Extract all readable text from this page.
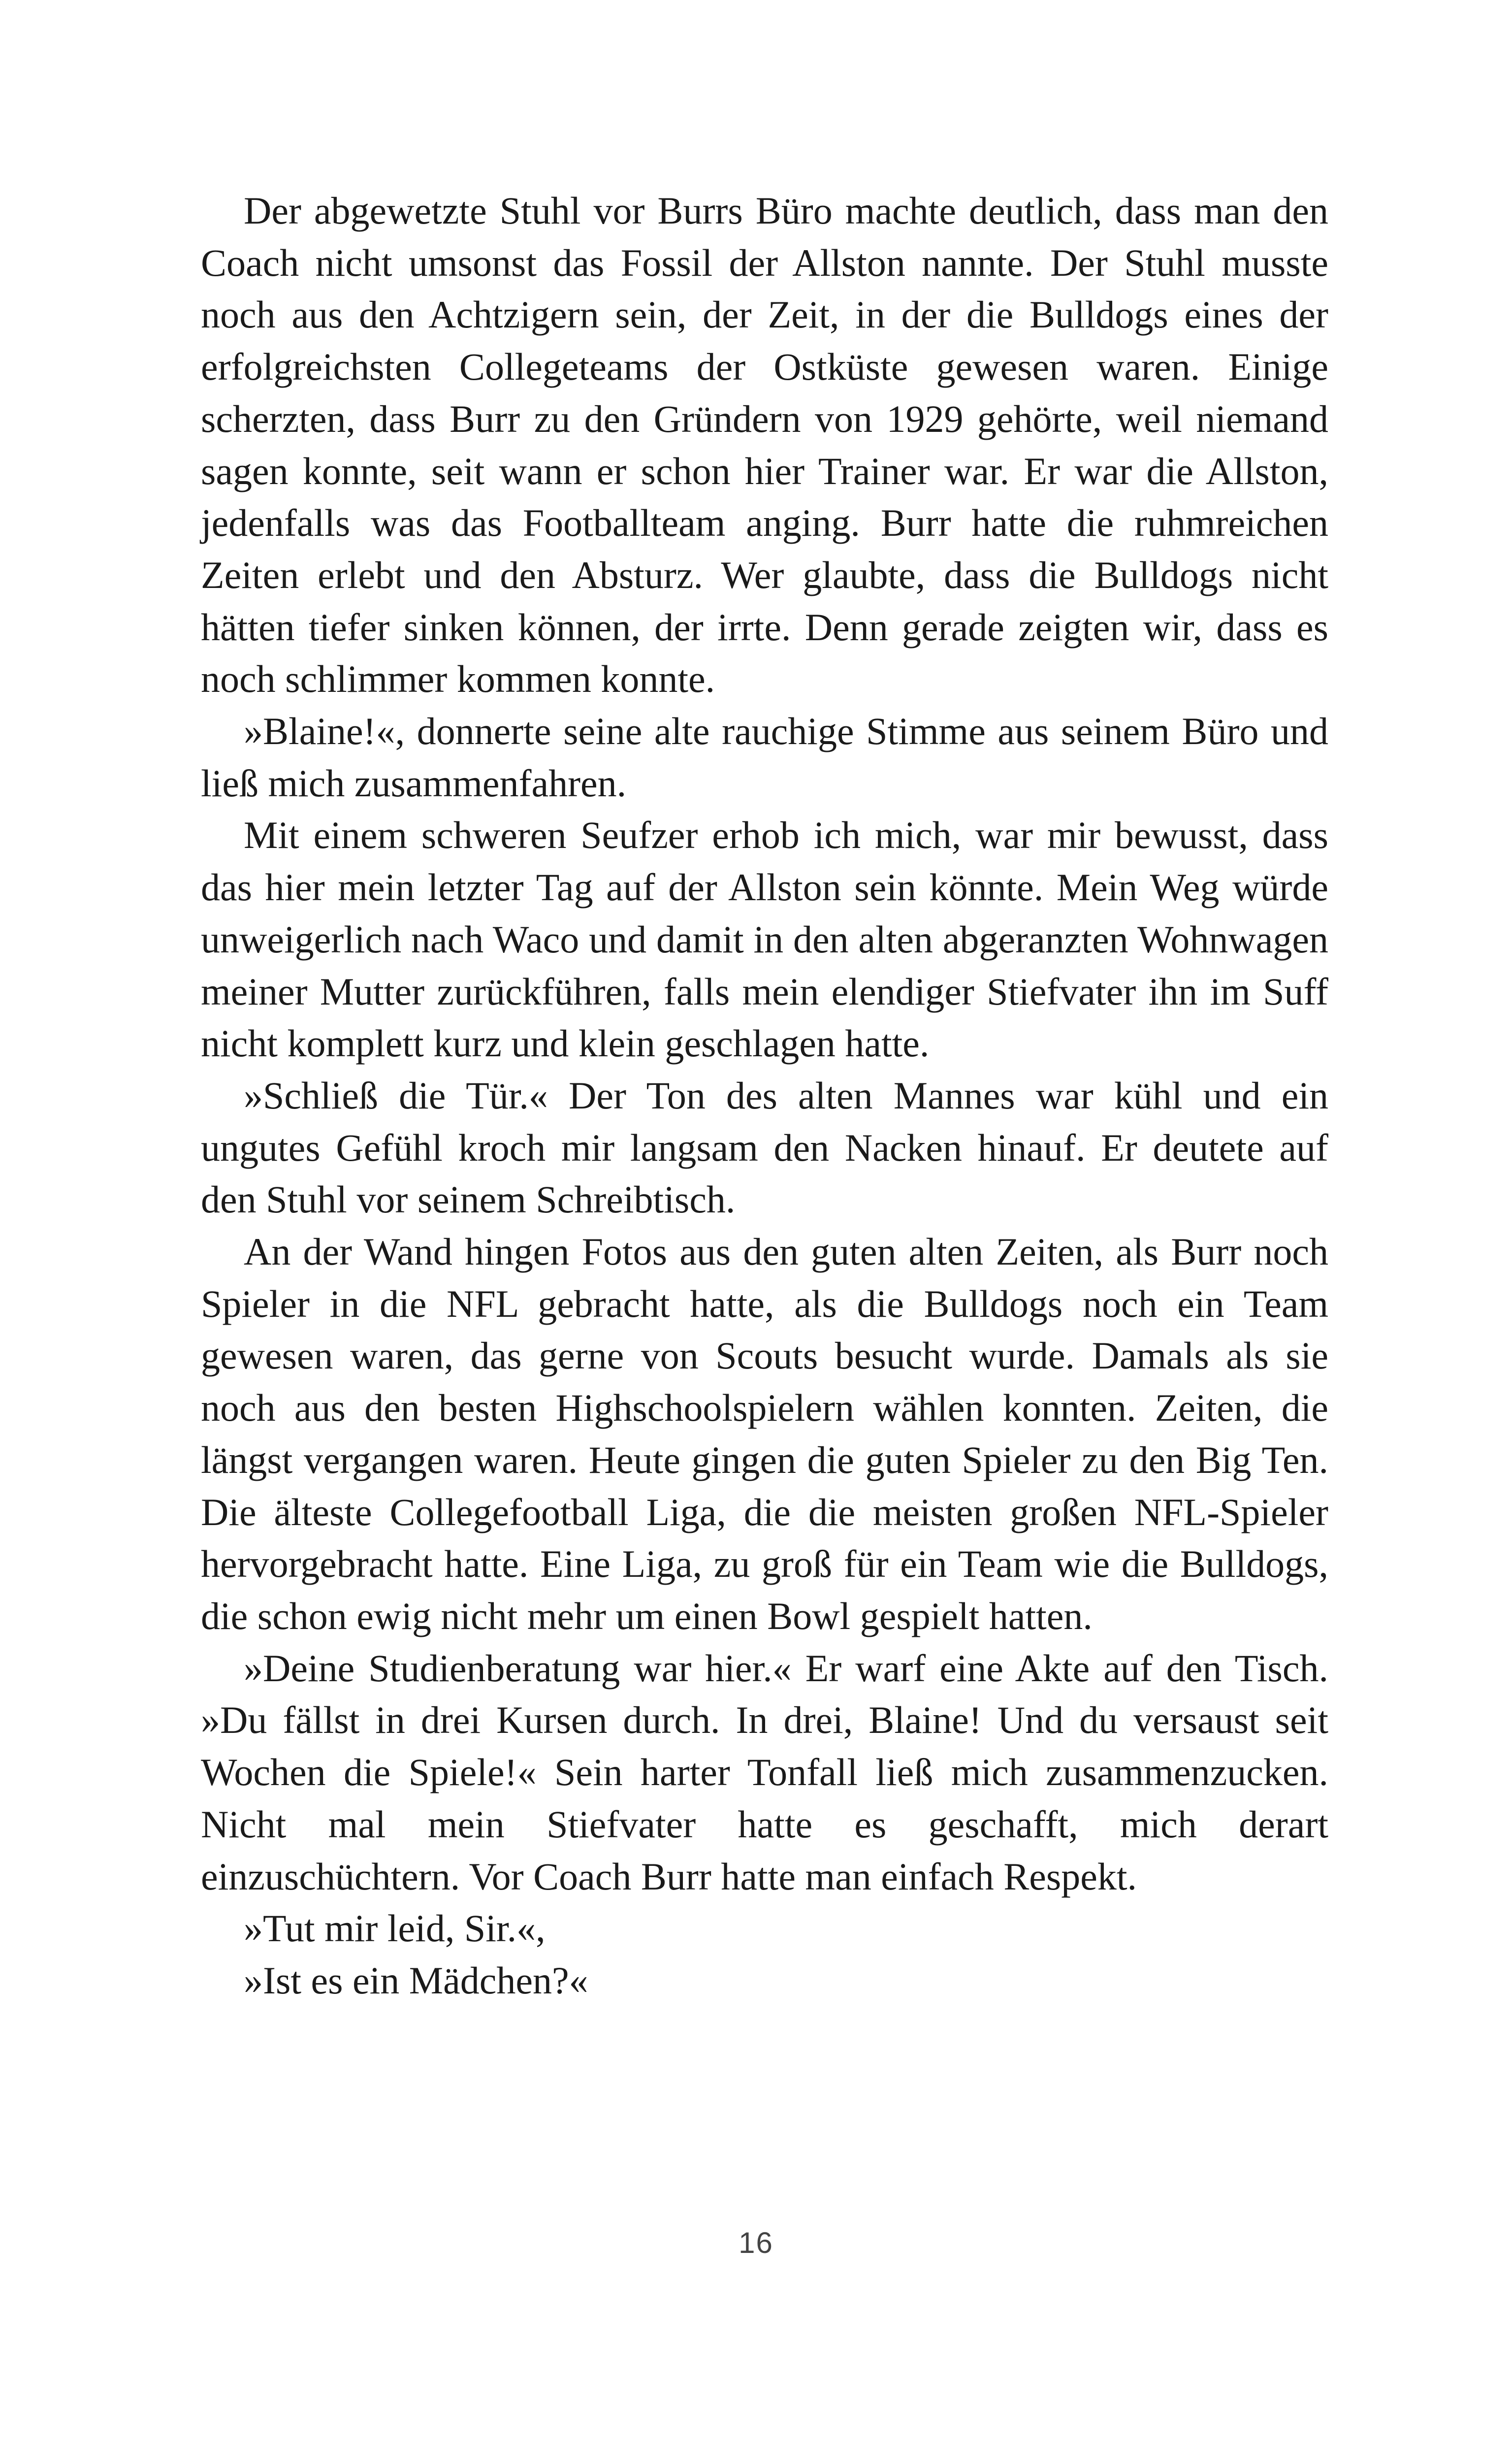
Der abgewetzte Stuhl vor Burrs Büro machte deutlich, dass man den Coach nicht umsonst das Fossil der Allston nannte. Der Stuhl musste noch aus den Achtzigern sein, der Zeit, in der die Bulldogs eines der erfolgreichsten Collegeteams der Ostküste gewesen waren. Einige scherzten, dass Burr zu den Gründern von 1929 gehörte, weil niemand sagen konnte, seit wann er schon hier Trainer war. Er war die Allston, jedenfalls was das Footballteam anging. Burr hatte die ruhmreichen Zeiten erlebt und den Absturz. Wer glaubte, dass die Bulldogs nicht hätten tiefer sinken können, der irrte. Denn gerade zeigten wir, dass es noch schlimmer kommen konnte.

»Blaine!«, donnerte seine alte rauchige Stimme aus seinem Büro und ließ mich zusammenfahren.

Mit einem schweren Seufzer erhob ich mich, war mir bewusst, dass das hier mein letzter Tag auf der Allston sein könnte. Mein Weg würde unweigerlich nach Waco und damit in den alten abgeranzten Wohnwagen meiner Mutter zurückführen, falls mein elendiger Stiefvater ihn im Suff nicht komplett kurz und klein geschlagen hatte.

»Schließ die Tür.« Der Ton des alten Mannes war kühl und ein ungutes Gefühl kroch mir langsam den Nacken hinauf. Er deutete auf den Stuhl vor seinem Schreibtisch.

An der Wand hingen Fotos aus den guten alten Zeiten, als Burr noch Spieler in die NFL gebracht hatte, als die Bulldogs noch ein Team gewesen waren, das gerne von Scouts besucht wurde. Damals als sie noch aus den besten Highschoolspielern wählen konnten. Zeiten, die längst vergangen waren. Heute gingen die guten Spieler zu den Big Ten. Die älteste Collegefootball Liga, die die meisten großen NFL-Spieler hervorgebracht hatte. Eine Liga, zu groß für ein Team wie die Bulldogs, die schon ewig nicht mehr um einen Bowl gespielt hatten.

»Deine Studienberatung war hier.« Er warf eine Akte auf den Tisch. »Du fällst in drei Kursen durch. In drei, Blaine! Und du versaust seit Wochen die Spiele!« Sein harter Tonfall ließ mich zusammenzucken. Nicht mal mein Stiefvater hatte es geschafft, mich derart einzuschüchtern. Vor Coach Burr hatte man einfach Respekt.

»Tut mir leid, Sir.«,

»Ist es ein Mädchen?«

16
